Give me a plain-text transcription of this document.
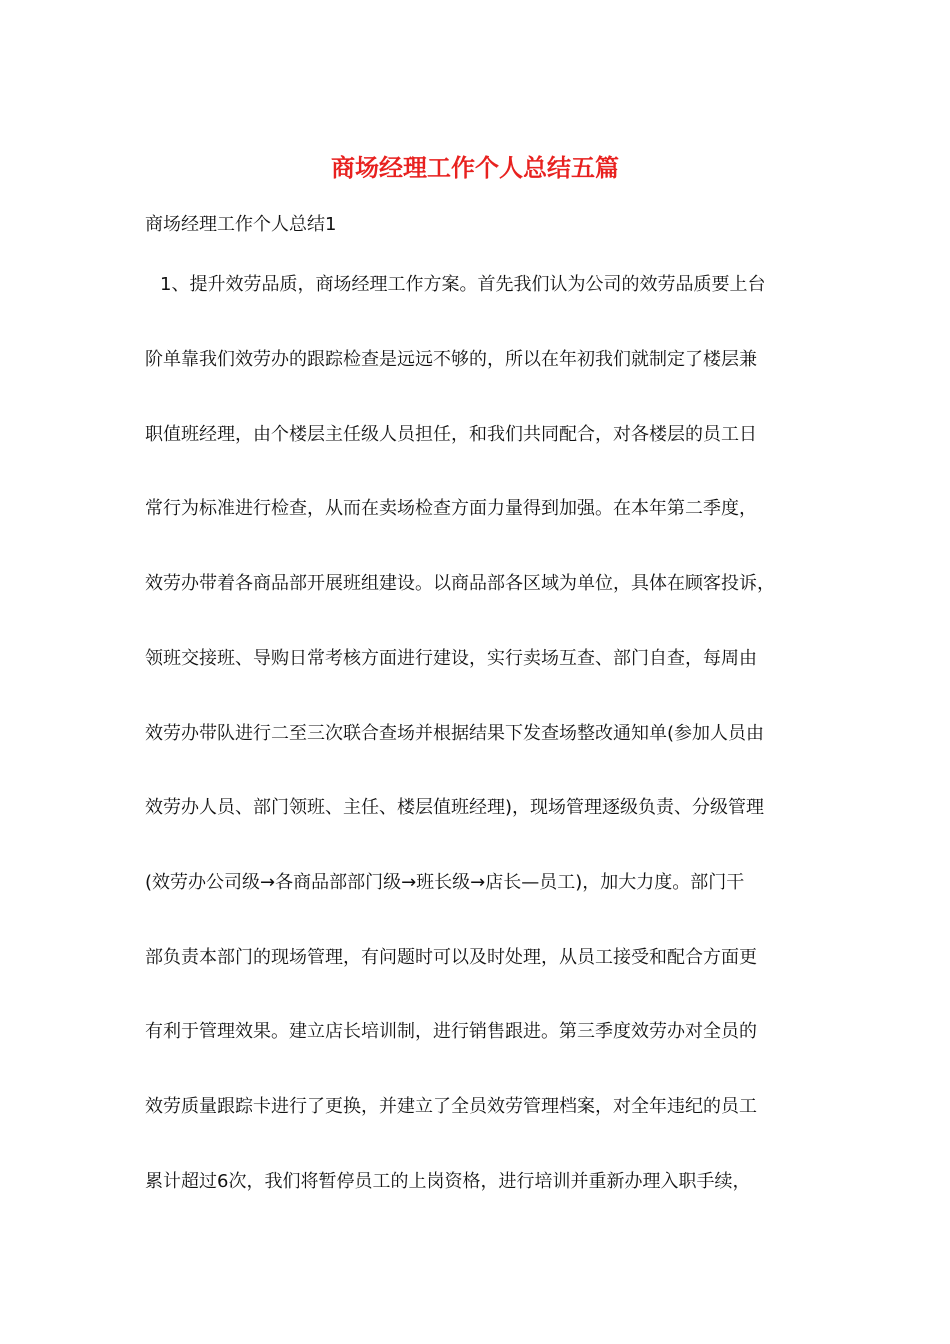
商场经理工作个人总结五篇

商场经理工作个人总结1

1、提升效劳品质，商场经理工作方案。首先我们认为公司的效劳品质要上台

阶单靠我们效劳办的跟踪检查是远远不够的，所以在年初我们就制定了楼层兼

职值班经理，由个楼层主任级人员担任，和我们共同配合，对各楼层的员工日

常行为标准进行检查，从而在卖场检查方面力量得到加强。在本年第二季度，

效劳办带着各商品部开展班组建设。以商品部各区域为单位，具体在顾客投诉，

领班交接班、导购日常考核方面进行建设，实行卖场互查、部门自查，每周由

效劳办带队进行二至三次联合查场并根据结果下发查场整改通知单(参加人员由

效劳办人员、部门领班、主任、楼层值班经理)，现场管理逐级负责、分级管理

(效劳办公司级→各商品部部门级→班长级→店长—员工)，加大力度。部门干

部负责本部门的现场管理，有问题时可以及时处理，从员工接受和配合方面更

有利于管理效果。建立店长培训制，进行销售跟进。第三季度效劳办对全员的

效劳质量跟踪卡进行了更换，并建立了全员效劳管理档案，对全年违纪的员工

累计超过6次，我们将暂停员工的上岗资格，进行培训并重新办理入职手续，
